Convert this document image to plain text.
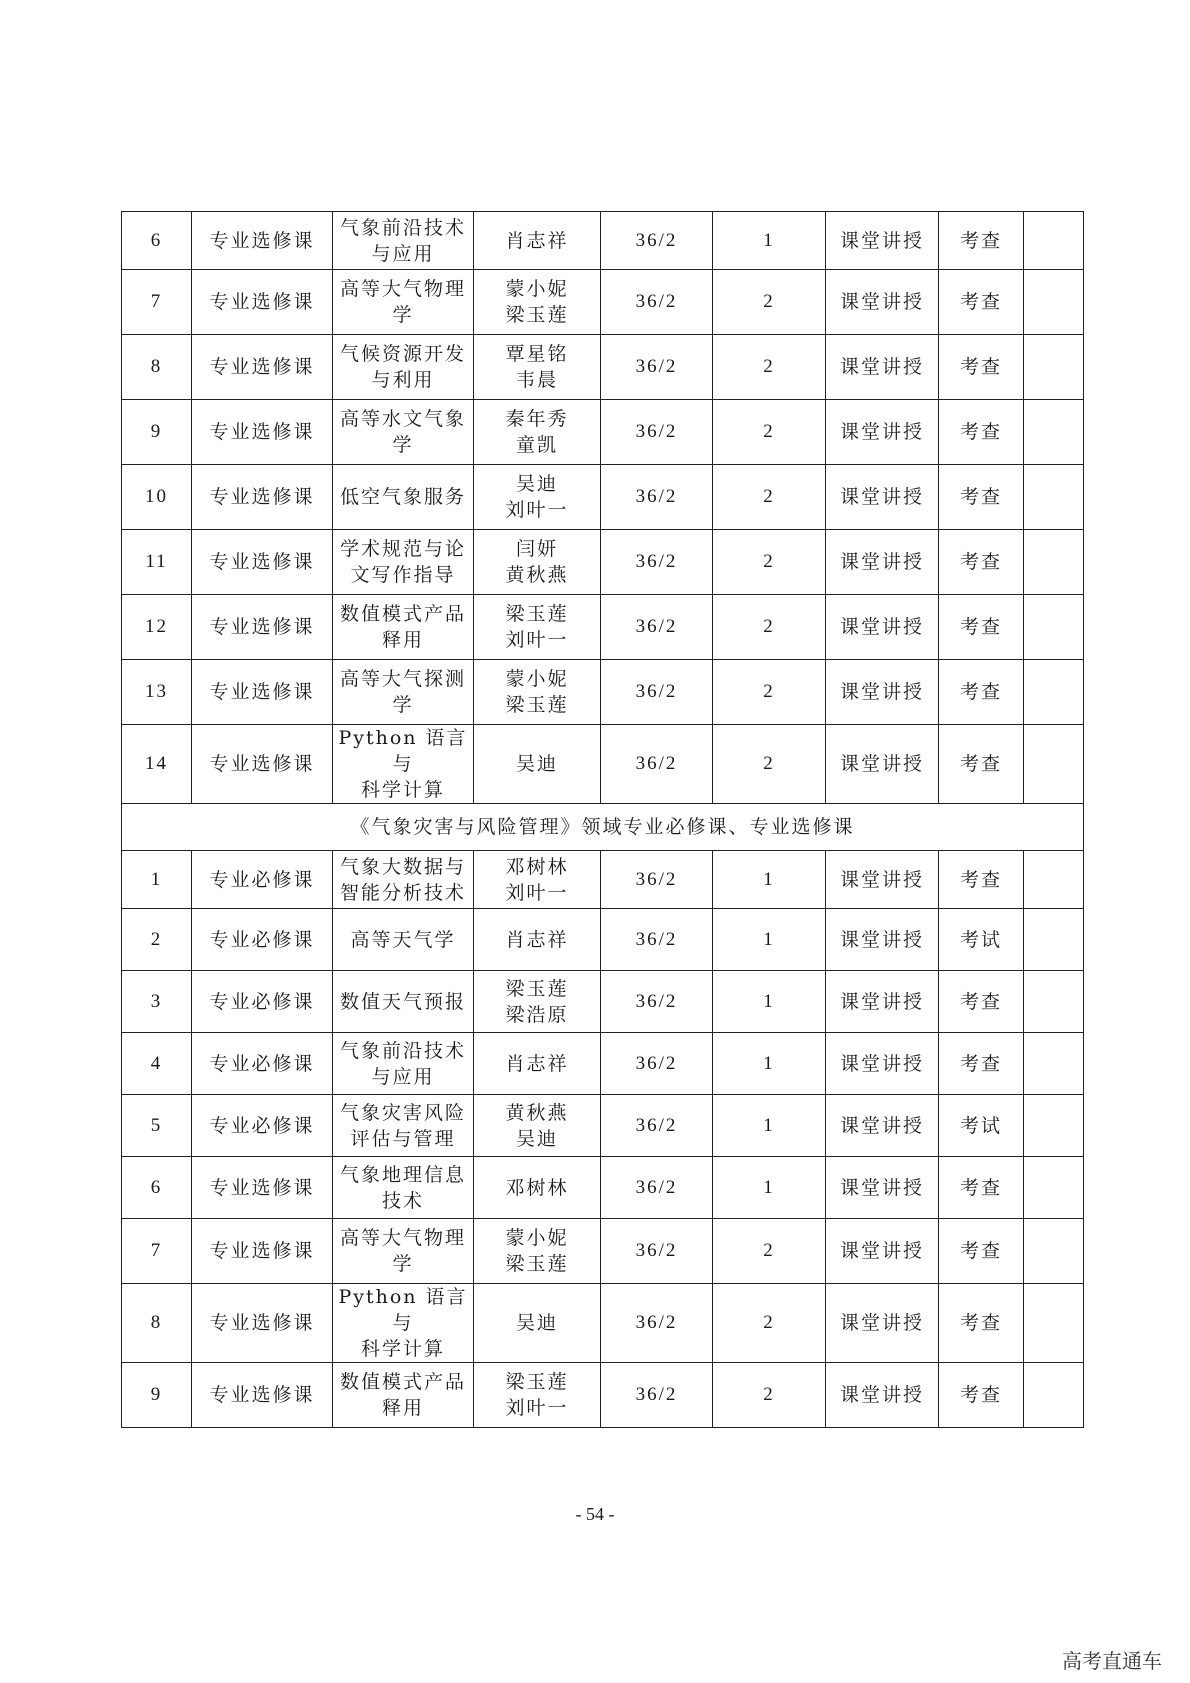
6	专业选修课	气象前沿技术
与应用	肖志祥	36/2	1	课堂讲授	考查	
7	专业选修课	高等大气物理
学	蒙小妮
梁玉莲	36/2	2	课堂讲授	考查	
8	专业选修课	气候资源开发
与利用	覃星铭
韦晨	36/2	2	课堂讲授	考查	
9	专业选修课	高等水文气象
学	秦年秀
童凯	36/2	2	课堂讲授	考查	
10	专业选修课	低空气象服务	吴迪
刘叶一	36/2	2	课堂讲授	考查	
11	专业选修课	学术规范与论
文写作指导	闫妍
黄秋燕	36/2	2	课堂讲授	考查	
12	专业选修课	数值模式产品
释用	梁玉莲
刘叶一	36/2	2	课堂讲授	考查	
13	专业选修课	高等大气探测
学	蒙小妮
梁玉莲	36/2	2	课堂讲授	考查	
14	专业选修课	Python 语言与
科学计算	吴迪	36/2	2	课堂讲授	考查	
《气象灾害与风险管理》领域专业必修课、专业选修课								
1	专业必修课	气象大数据与
智能分析技术	邓树林
刘叶一	36/2	1	课堂讲授	考查	
2	专业必修课	高等天气学	肖志祥	36/2	1	课堂讲授	考试	
3	专业必修课	数值天气预报	梁玉莲
梁浩原	36/2	1	课堂讲授	考查	
4	专业必修课	气象前沿技术
与应用	肖志祥	36/2	1	课堂讲授	考查	
5	专业必修课	气象灾害风险
评估与管理	黄秋燕
吴迪	36/2	1	课堂讲授	考试	
6	专业选修课	气象地理信息
技术	邓树林	36/2	1	课堂讲授	考查	
7	专业选修课	高等大气物理
学	蒙小妮
梁玉莲	36/2	2	课堂讲授	考查	
8	专业选修课	Python 语言与
科学计算	吴迪	36/2	2	课堂讲授	考查	
9	专业选修课	数值模式产品
释用	梁玉莲
刘叶一	36/2	2	课堂讲授	考查	
- 54 -
高考直通车
